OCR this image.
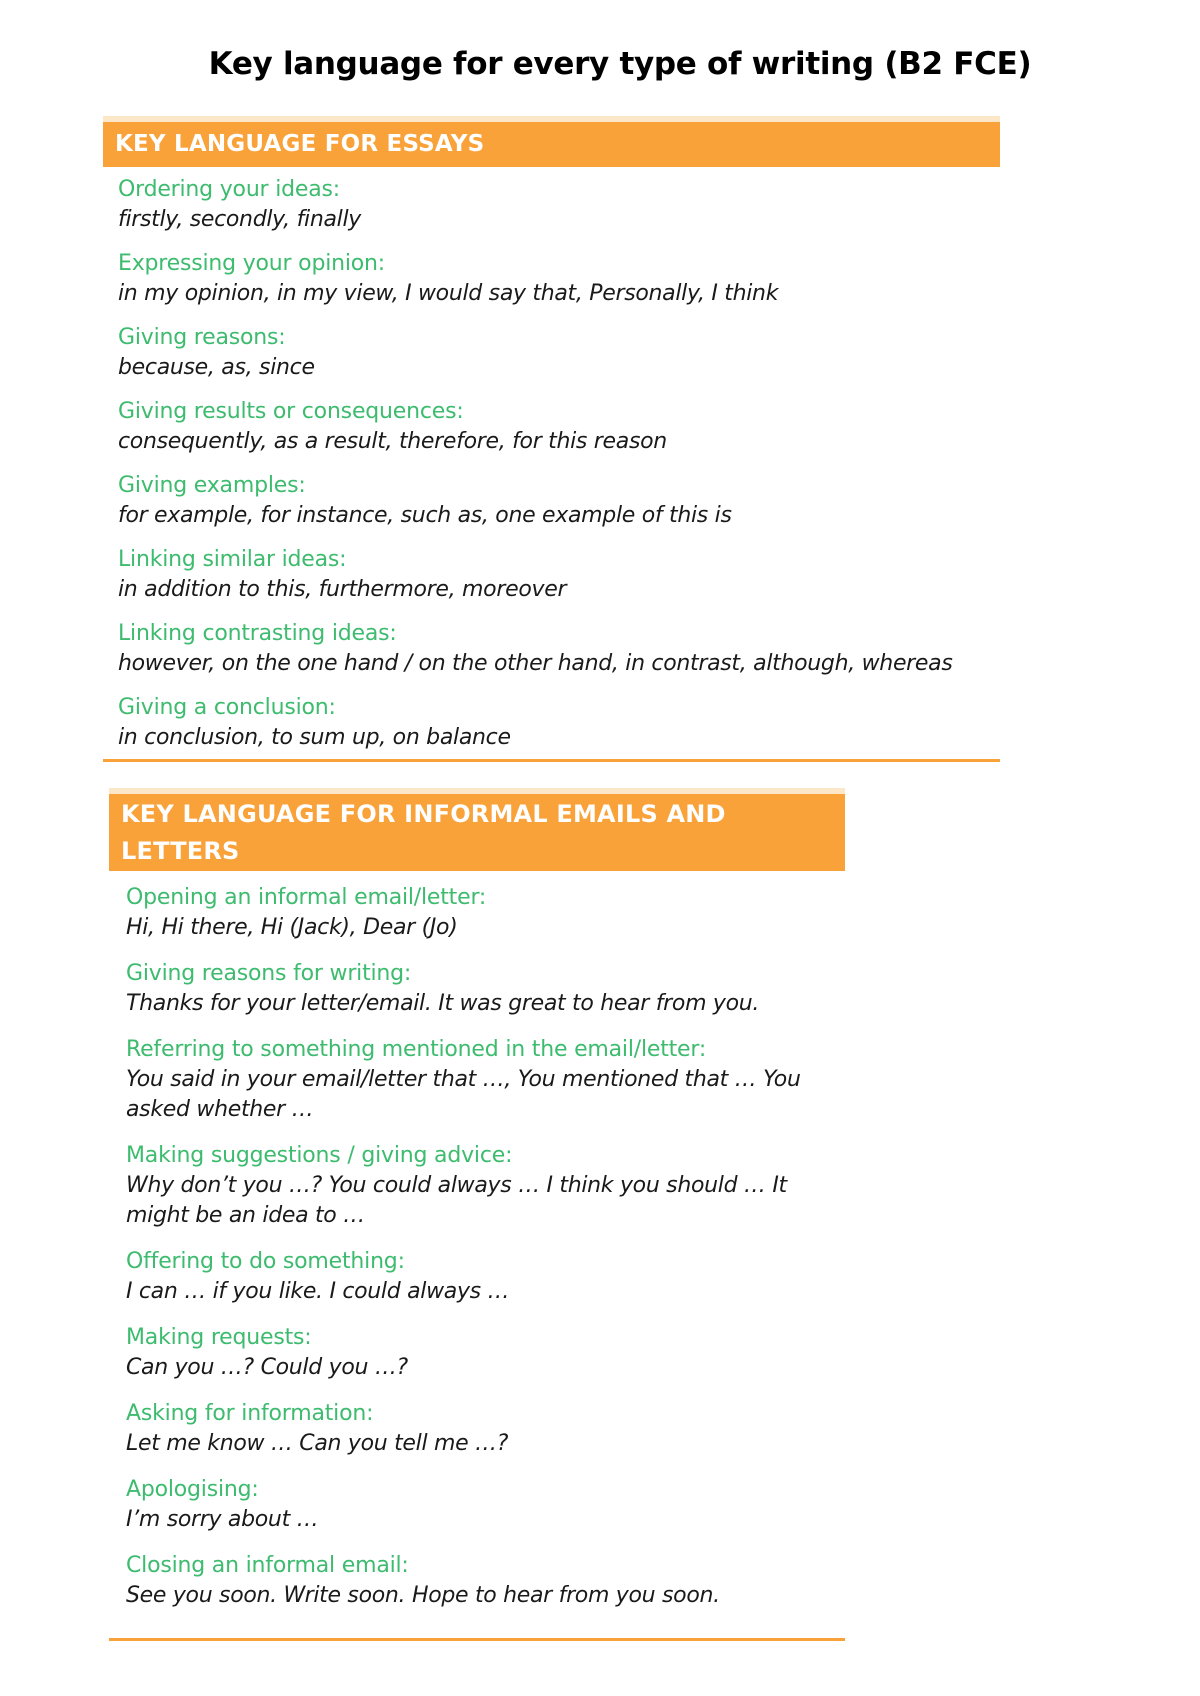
Key language for every type of writing (B2 FCE)
KEY LANGUAGE FOR ESSAYS
Ordering your ideas:
firstly, secondly, finally
Expressing your opinion:
in my opinion, in my view, I would say that, Personally, I think
Giving reasons:
because, as, since
Giving results or consequences:
consequently, as a result, therefore, for this reason
Giving examples:
for example, for instance, such as, one example of this is
Linking similar ideas:
in addition to this, furthermore, moreover
Linking contrasting ideas:
however, on the one hand / on the other hand, in contrast, although, whereas
Giving a conclusion:
in conclusion, to sum up, on balance
KEY LANGUAGE FOR INFORMAL EMAILS AND LETTERS
Opening an informal email/letter:
Hi, Hi there, Hi (Jack), Dear (Jo)
Giving reasons for writing:
Thanks for your letter/email. It was great to hear from you.
Referring to something mentioned in the email/letter:
You said in your email/letter that …, You mentioned that … You asked whether …
Making suggestions / giving advice:
Why don’t you …? You could always … I think you should … It might be an idea to …
Offering to do something:
I can … if you like. I could always …
Making requests:
Can you …? Could you …?
Asking for information:
Let me know … Can you tell me …?
Apologising:
I’m sorry about …
Closing an informal email:
See you soon. Write soon. Hope to hear from you soon.
